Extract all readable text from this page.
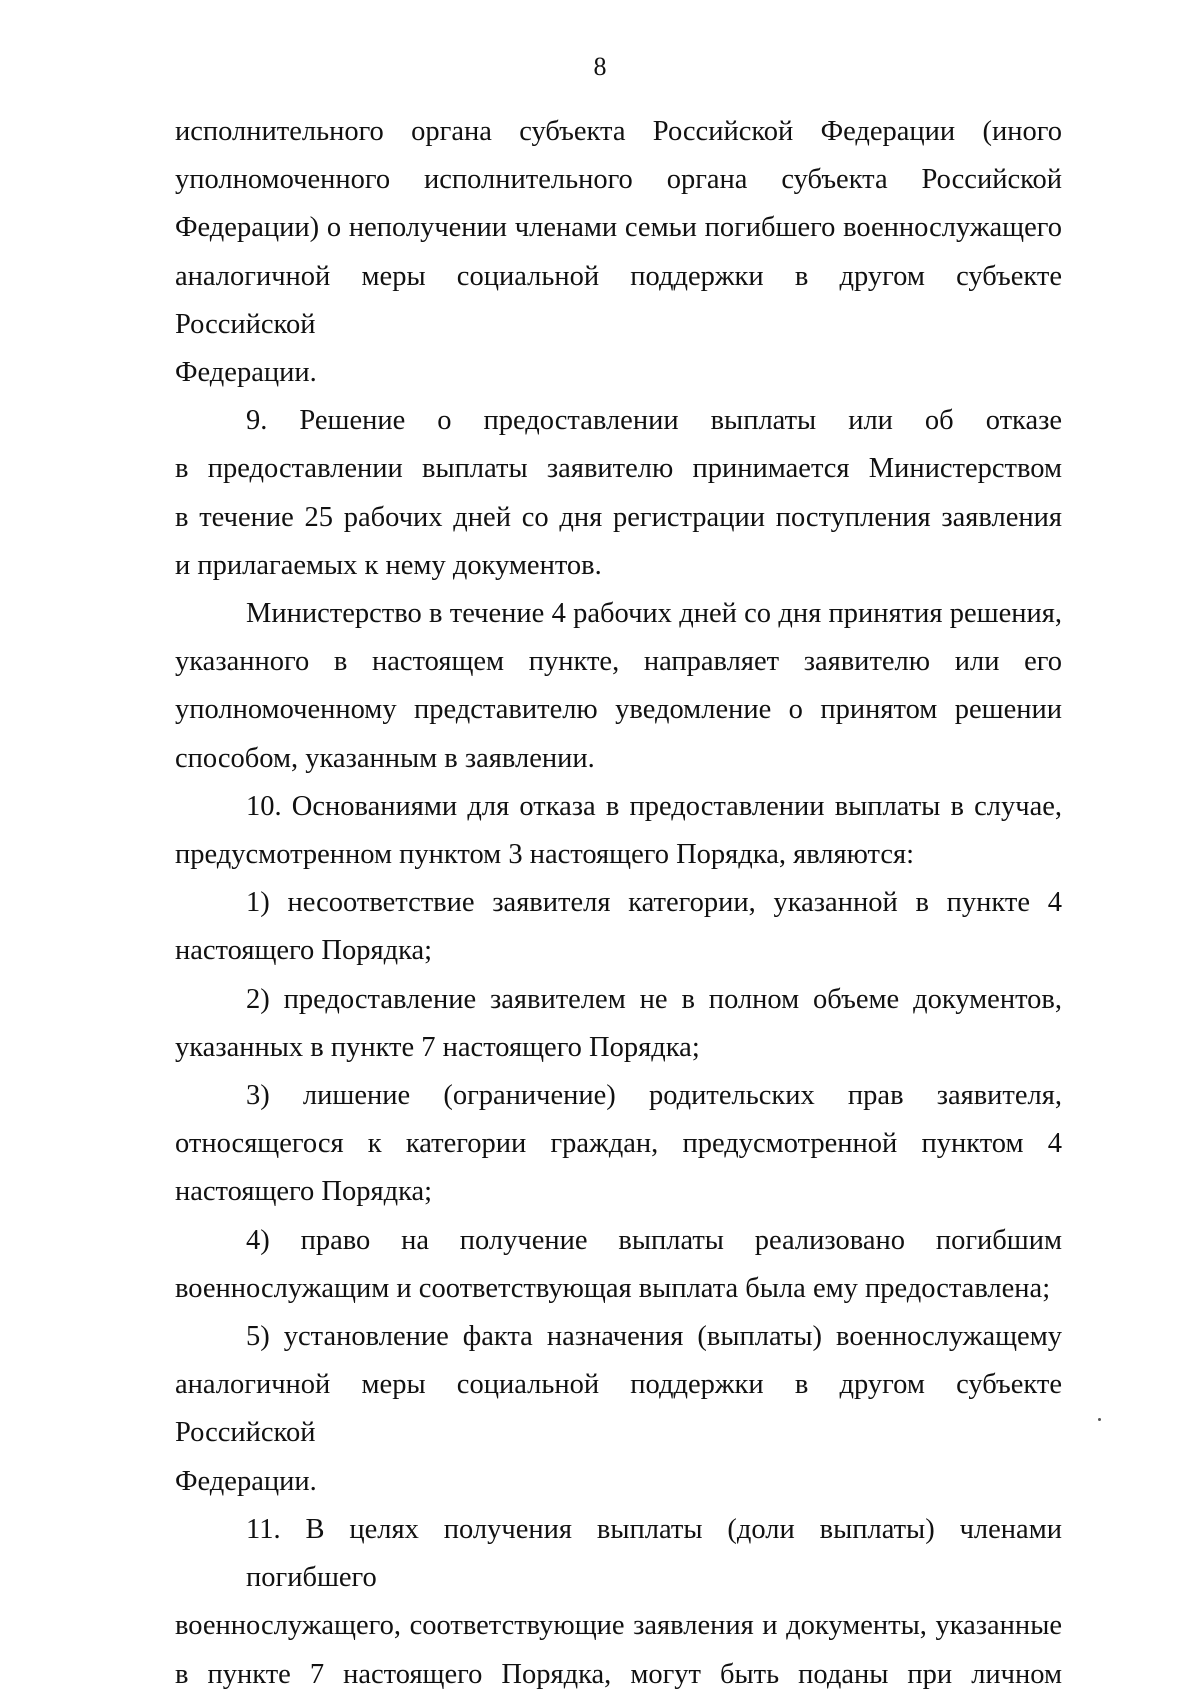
8
исполнительного органа субъекта Российской Федерации (иного
уполномоченного исполнительного органа субъекта Российской
Федерации) о неполучении членами семьи погибшего военнослужащего
аналогичной меры социальной поддержки в другом субъекте Российской
Федерации.
9. Решение о предоставлении выплаты или об отказе
в предоставлении выплаты заявителю принимается Министерством
в течение 25 рабочих дней со дня регистрации поступления заявления
и прилагаемых к нему документов.
Министерство в течение 4 рабочих дней со дня принятия решения,
указанного в настоящем пункте, направляет заявителю или его
уполномоченному представителю уведомление о принятом решении
способом, указанным в заявлении.
10. Основаниями для отказа в предоставлении выплаты в случае,
предусмотренном пунктом 3 настоящего Порядка, являются:
1) несоответствие заявителя категории, указанной в пункте 4
настоящего Порядка;
2) предоставление заявителем не в полном объеме документов,
указанных в пункте 7 настоящего Порядка;
3) лишение (ограничение) родительских прав заявителя,
относящегося к категории граждан, предусмотренной пунктом 4
настоящего Порядка;
4) право на получение выплаты реализовано погибшим
военнослужащим и соответствующая выплата была ему предоставлена;
5) установление факта назначения (выплаты) военнослужащему
аналогичной меры социальной поддержки в другом субъекте Российской
Федерации.
11. В целях получения выплаты (доли выплаты) членами погибшего
военнослужащего, соответствующие заявления и документы, указанные
в пункте 7 настоящего Порядка, могут быть поданы при личном
